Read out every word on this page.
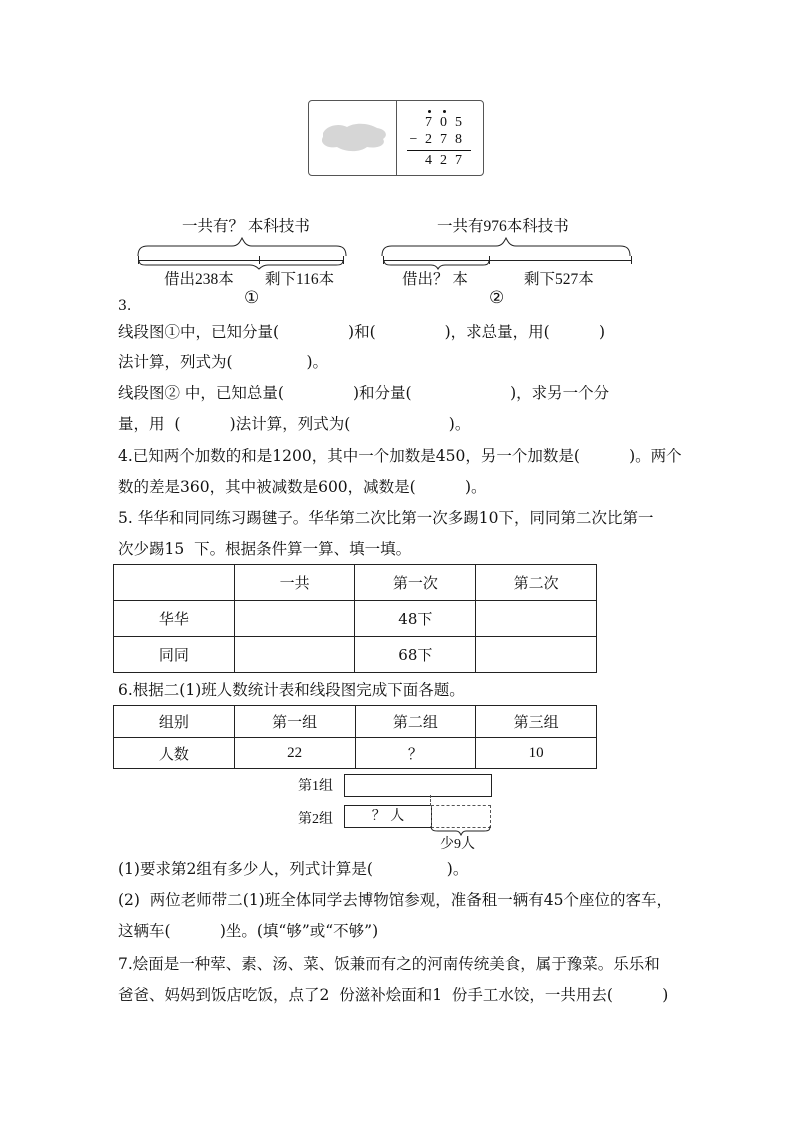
7 0 5
− 2 7 8
4 2 7
一共有？ 本科技书
借出238本 剩下116本
①
一共有976本科技书
借出？ 本	剩下527本
②
3.
线段图①中，已知分量(              )和(              )，求总量，用(          )
法计算，列式为(               )。
线段图② 中，已知总量(              )和分量(                    )，求另一个分
量，用  (          )法计算，列式为(                    )。
4.已知两个加数的和是1200，其中一个加数是450，另一个加数是(          )。两个
数的差是360，其中被减数是600，减数是(          )。
5. 华华和同同练习踢毽子。华华第二次比第一次多踢10下，同同第二次比第一
次少踢15  下。根据条件算一算、填一填。
	一共	第一次	第二次
华华		48下	
同同		68下	
6.根据二(1)班人数统计表和线段图完成下面各题。
组别	第一组	第二组	第三组
人数	22	？	10
第1组
第2组	？ 人
少9人
(1)要求第2组有多少人，列式计算是(               )。
(2)  两位老师带二(1)班全体同学去博物馆参观，准备租一辆有45个座位的客车，
这辆车(          )坐。(填“够”或“不够”)
7.烩面是一种荤、素、汤、菜、饭兼而有之的河南传统美食，属于豫菜。乐乐和
爸爸、妈妈到饭店吃饭，点了2  份滋补烩面和1  份手工水饺，一共用去(          )
